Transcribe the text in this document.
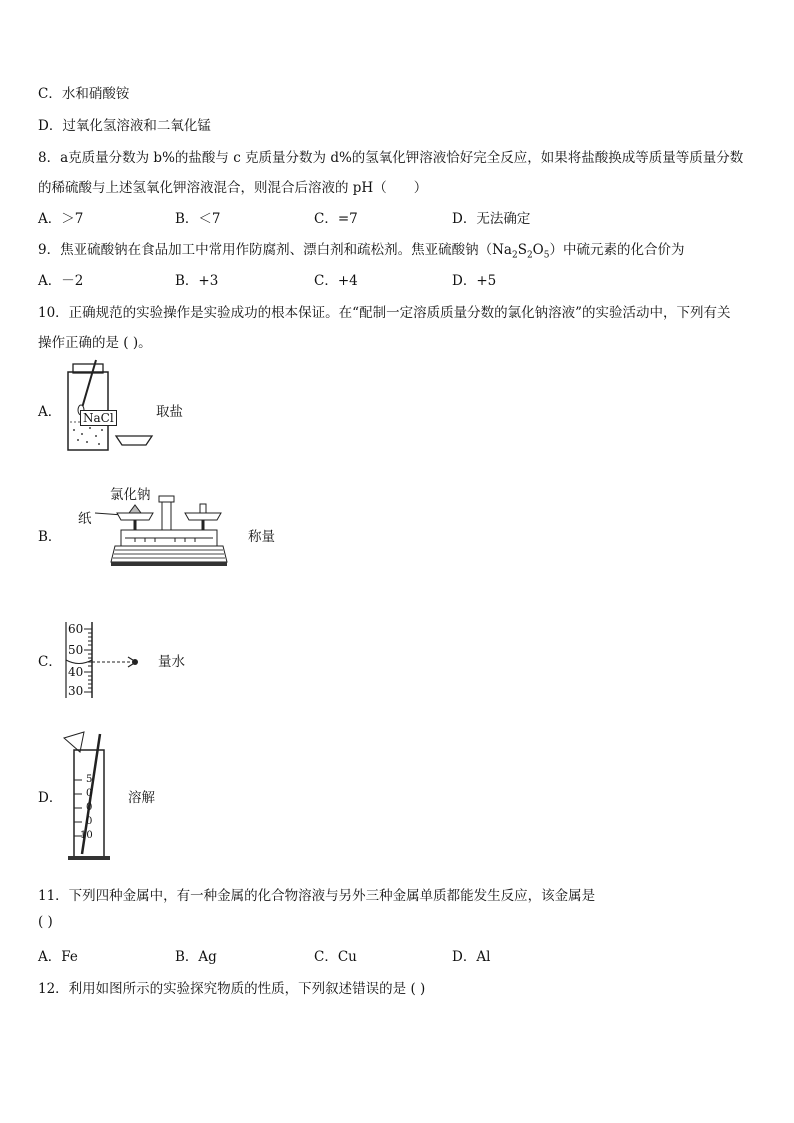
C．水和硝酸铵
D．过氧化氢溶液和二氧化锰
8．a克质量分数为 b%的盐酸与 c 克质量分数为 d%的氢氧化钾溶液恰好完全反应，如果将盐酸换成等质量等质量分数
的稀硫酸与上述氢氧化钾溶液混合，则混合后溶液的 pH（　　）
A．＞7	B．＜7	C．=7	D．无法确定
9．焦亚硫酸钠在食品加工中常用作防腐剂、漂白剂和疏松剂。焦亚硫酸钠$(Na_2S_2O_5)$中硫元素的化合价为
A．－2	B．+3	C．+4	D．+5
10．正确规范的实验操作是实验成功的根本保证。在“配制一定溶质质量分数的氯化钠溶液”的实验活动中，下列有关
操作正确的是 ( )。
A． NaCl	取盐
B．
氯化钠
纸
称量
C．
60
50
40
30
量水
D．
5
0
0
0
10
溶解
11．下列四种金属中，有一种金属的化合物溶液与另外三种金属单质都能发生反应，该金属是
( )
A．Fe	B．Ag	C．Cu	D．Al
12．利用如图所示的实验探究物质的性质，下列叙述错误的是 ( )
